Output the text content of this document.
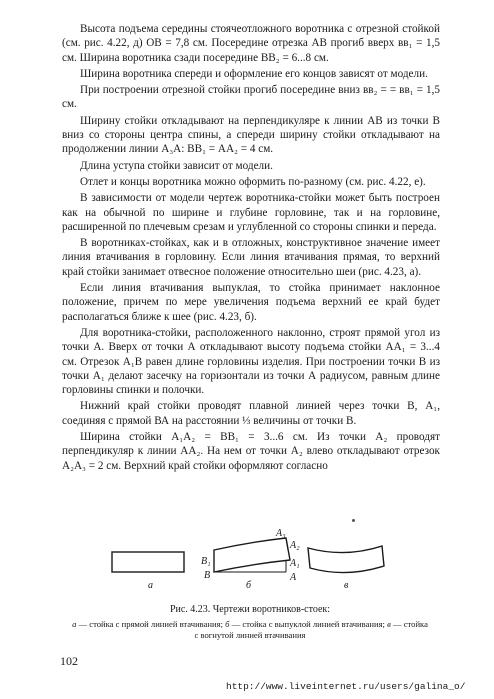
Высота подъема середины стоячеотложного воротника с отрезной стойкой (см. рис. 4.22, д) ОВ = 7,8 см. Посередине отрезка АВ прогиб вверх вв₁ = 1,5 см. Ширина воротника сзади посередине ВВ₂ = 6...8 см.

Ширина воротника спереди и оформление его концов зависят от модели.

При построении отрезной стойки прогиб посередине вниз вв₂ = = вв₁ = 1,5 см.

Ширину стойки откладывают на перпендикуляре к линии АВ из точки В вниз со стороны центра спины, а спереди ширину стойки откладывают на продолжении линии А₃А: ВВ₁ = АА₂ = 4 см.

Длина уступа стойки зависит от модели.

Отлет и концы воротника можно оформить по-разному (см. рис. 4.22, е).

В зависимости от модели чертеж воротника-стойки может быть построен как на обычной по ширине и глубине горловине, так и на горловине, расширенной по плечевым срезам и углубленной со стороны спинки и переда.

В воротниках-стойках, как и в отложных, конструктивное значение имеет линия втачивания в горловину. Если линия втачивания прямая, то верхний край стойки занимает отвесное положение относительно шеи (рис. 4.23, а).

Если линия втачивания выпуклая, то стойка принимает наклонное положение, причем по мере увеличения подъема верхний ее край будет располагаться ближе к шее (рис. 4.23, б).

Для воротника-стойки, расположенного наклонно, строят прямой угол из точки А. Вверх от точки А откладывают высоту подъема стойки АА₁ = 3...4 см. Отрезок А₁В равен длине горловины изделия. При построении точки В из точки А₁ делают засечку на горизонтали из точки А радиусом, равным длине горловины спинки и полочки.

Нижний край стойки проводят плавной линией через точки В, А₁, соединяя с прямой ВА на расстоянии ⅓ величины от точки В.

Ширина стойки А₁А₂ = ВВ₁ = 3...6 см. Из точки А₂ проводят перпендикуляр к линии АА₂. На нем от точки А₂ влево откладывают отрезок А₂А₃ = 2 см. Верхний край стойки оформляют согласно

а	б	в
B₁
B
A₃
A₂
A₁
A
Рис. 4.23. Чертежи воротников-стоек:
а — стойка с прямой линией втачивания; б — стойка с выпуклой линией втачивания; в — стойка с вогнутой линией втачивания
102
http://www.liveinternet.ru/users/galina_o/
